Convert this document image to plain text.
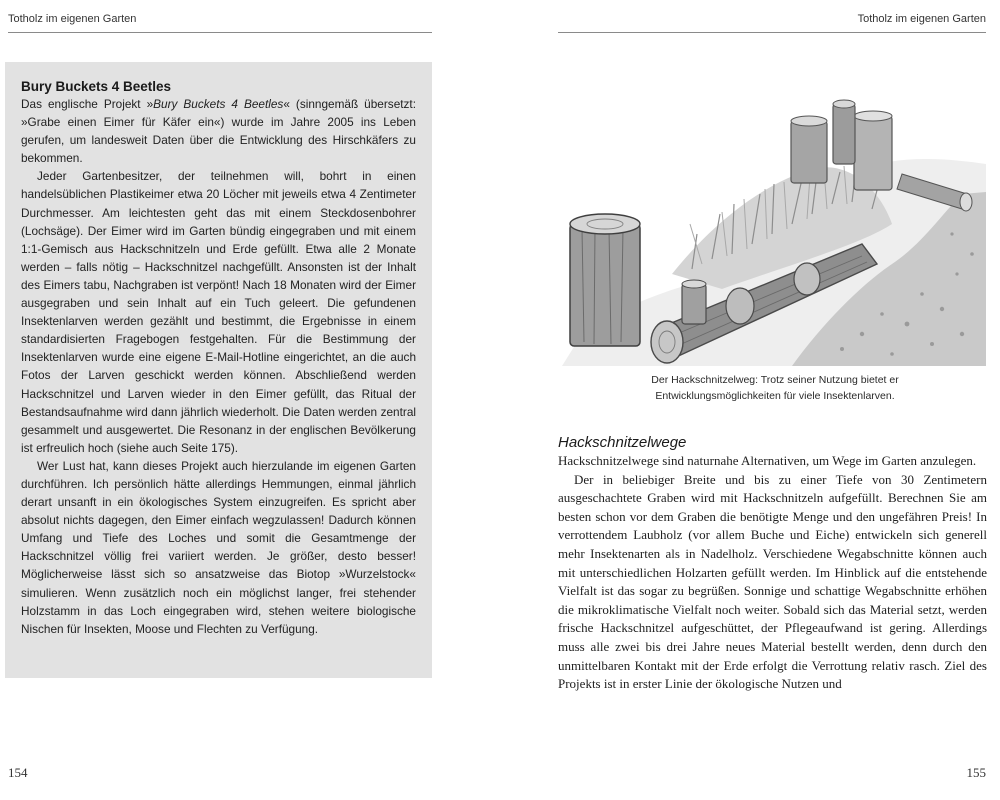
Totholz im eigenen Garten
Bury Buckets 4 Beetles

Das englische Projekt »Bury Buckets 4 Beetles« (sinngemäß übersetzt: »Grabe einen Eimer für Käfer ein«) wurde im Jahre 2005 ins Leben gerufen, um landesweit Daten über die Entwicklung des Hirschkäfers zu bekommen.

Jeder Gartenbesitzer, der teilnehmen will, bohrt in einen handelsüblichen Plastikeimer etwa 20 Löcher mit jeweils etwa 4 Zentimeter Durchmesser. Am leichtesten geht das mit einem Steckdosenbohrer (Lochsäge). Der Eimer wird im Garten bündig eingegraben und mit einem 1:1-Gemisch aus Hackschnitzeln und Erde gefüllt. Etwa alle 2 Monate werden – falls nötig – Hackschnitzel nachgefüllt. Ansonsten ist der Inhalt des Eimers tabu, Nachgraben ist verpönt! Nach 18 Monaten wird der Eimer ausgegraben und sein Inhalt auf ein Tuch geleert. Die gefundenen Insektenlarven werden gezählt und bestimmt, die Ergebnisse in einem standardisierten Fragebogen festgehalten. Für die Bestimmung der Insektenlarven wurde eine eigene E-Mail-Hotline eingerichtet, an die auch Fotos der Larven geschickt werden können. Abschließend werden Hackschnitzel und Larven wieder in den Eimer gefüllt, das Ritual der Bestandsaufnahme wird dann jährlich wiederholt. Die Daten werden zentral gesammelt und ausgewertet. Die Resonanz in der englischen Bevölkerung ist erfreulich hoch (siehe auch Seite 175).

Wer Lust hat, kann dieses Projekt auch hierzulande im eigenen Garten durchführen. Ich persönlich hätte allerdings Hemmungen, einmal jährlich derart unsanft in ein ökologisches System einzugreifen. Es spricht aber absolut nichts dagegen, den Eimer einfach wegzulassen! Dadurch können Umfang und Tiefe des Loches und somit die Gesamtmenge der Hackschnitzel völlig frei variiert werden. Je größer, desto besser! Möglicherweise lässt sich so ansatzweise das Biotop »Wurzelstock« simulieren. Wenn zusätzlich noch ein möglichst langer, frei stehender Holzstamm in das Loch eingegraben wird, stehen weitere biologische Nischen für Insekten, Moose und Flechten zu Verfügung.

154
Totholz im eigenen Garten
Der Hackschnitzelweg: Trotz seiner Nutzung bietet er
Entwicklungsmöglichkeiten für viele Insektenlarven.
Hackschnitzelwege

Hackschnitzelwege sind naturnahe Alternativen, um Wege im Garten anzulegen.

Der in beliebiger Breite und bis zu einer Tiefe von 30 Zentimetern ausgeschachtete Graben wird mit Hackschnitzeln aufgefüllt. Berechnen Sie am besten schon vor dem Graben die benötigte Menge und den ungefähren Preis! In verrottendem Laubholz (vor allem Buche und Eiche) entwickeln sich generell mehr Insektenarten als in Nadelholz. Verschiedene Wegabschnitte können auch mit unterschiedlichen Holzarten gefüllt werden. Im Hinblick auf die entstehende Vielfalt ist das sogar zu begrüßen. Sonnige und schattige Wegabschnitte erhöhen die mikroklimatische Vielfalt noch weiter. Sobald sich das Material setzt, werden frische Hackschnitzel aufgeschüttet, der Pflegeaufwand ist gering. Allerdings muss alle zwei bis drei Jahre neues Material bestellt werden, denn durch den unmittelbaren Kontakt mit der Erde erfolgt die Verrottung relativ rasch. Ziel des Projekts ist in erster Linie der ökologische Nutzen und

155
